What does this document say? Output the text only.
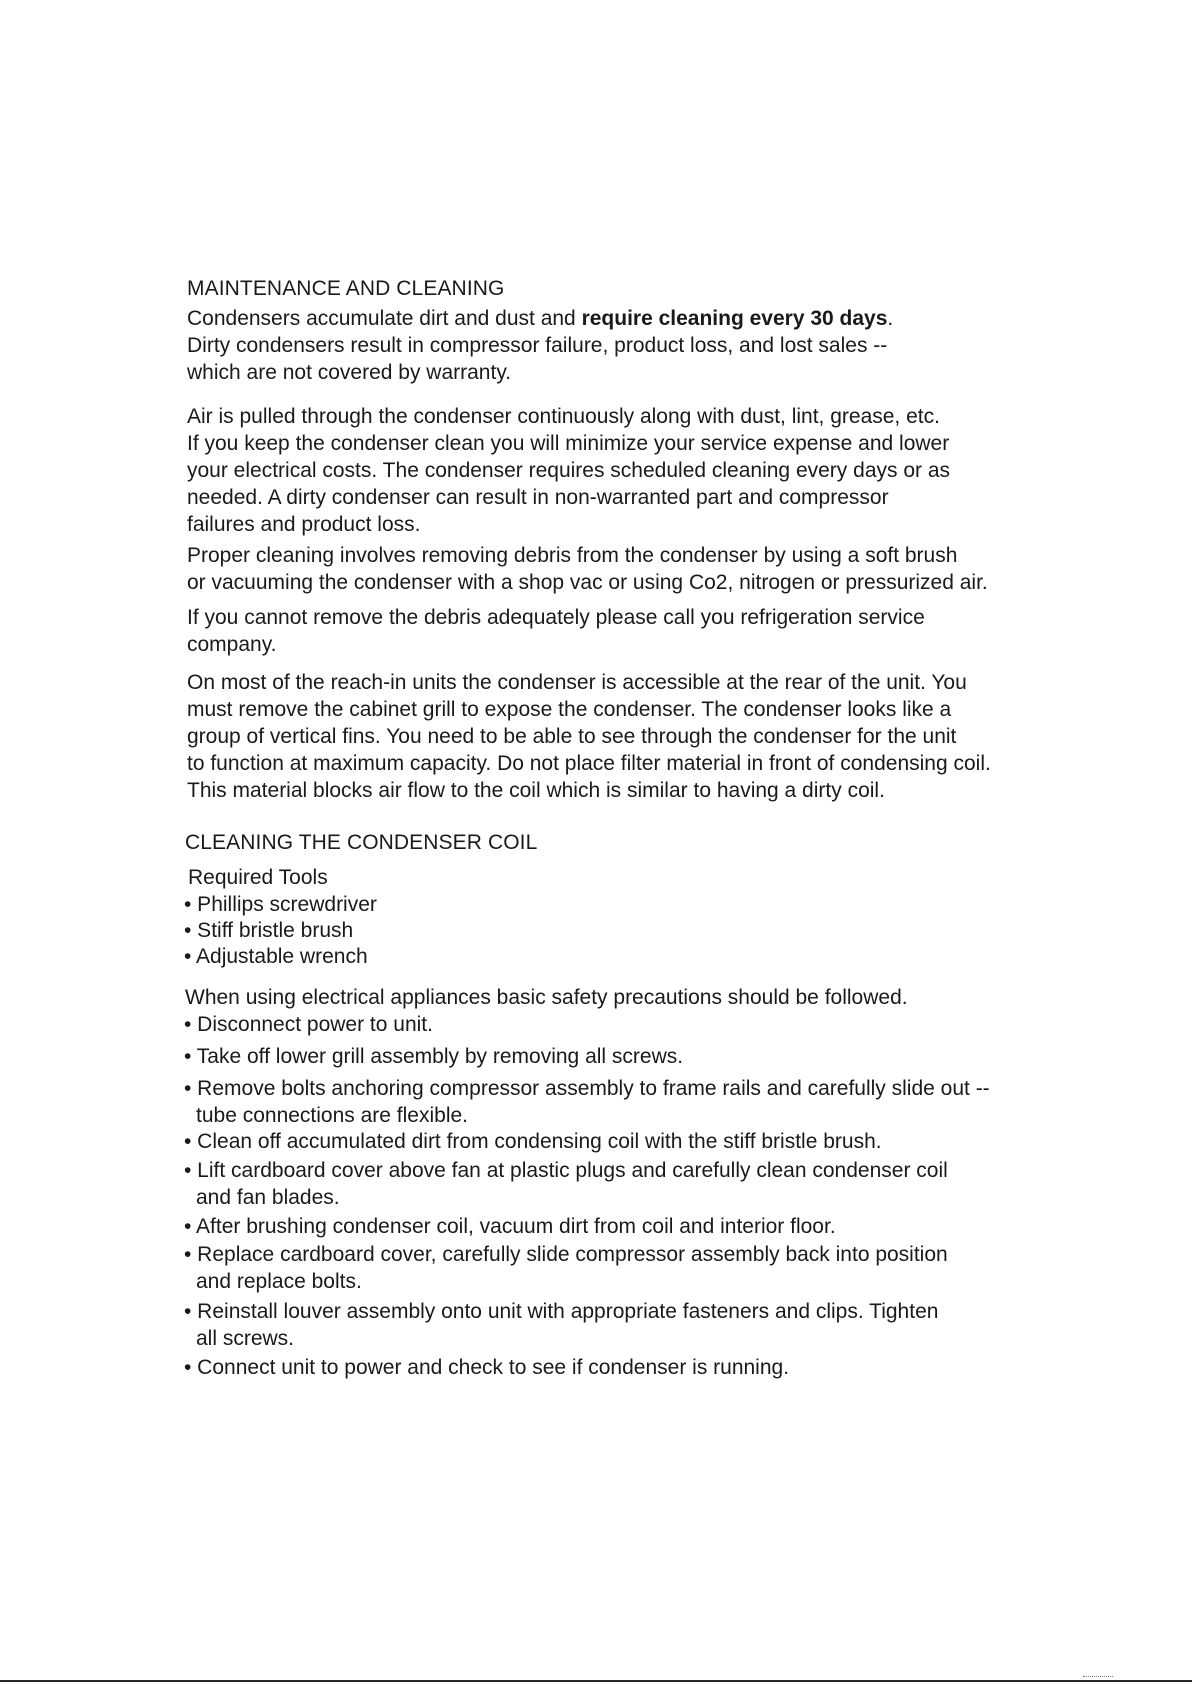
MAINTENANCE AND CLEANING
Condensers accumulate dirt and dust and require cleaning every 30 days.
Dirty condensers result in compressor failure, product loss, and lost sales --
which are not covered by warranty.
Air is pulled through the condenser continuously along with dust, lint, grease, etc.
If you keep the condenser clean you will minimize your service expense and lower
your electrical costs. The condenser requires scheduled cleaning every days or as
needed. A dirty condenser can result in non-warranted part and compressor
failures and product loss.
Proper cleaning involves removing debris from the condenser by using a soft brush
or vacuuming the condenser with a shop vac or using Co2, nitrogen or pressurized air.
If you cannot remove the debris adequately please call you refrigeration service
company.
On most of the reach-in units the condenser is accessible at the rear of the unit. You
must remove the cabinet grill to expose the condenser. The condenser looks like a
group of vertical fins. You need to be able to see through the condenser for the unit
to function at maximum capacity. Do not place filter material in front of condensing coil.
This material blocks air flow to the coil which is similar to having a dirty coil.
CLEANING THE CONDENSER COIL
Required Tools
• Phillips screwdriver
• Stiff bristle brush
• Adjustable wrench
When using electrical appliances basic safety precautions should be followed.
• Disconnect power to unit.
• Take off lower grill assembly by removing all screws.
• Remove bolts anchoring compressor assembly to frame rails and carefully slide out --
tube connections are flexible.
• Clean off accumulated dirt from condensing coil with the stiff bristle brush.
• Lift cardboard cover above fan at plastic plugs and carefully clean condenser coil
and fan blades.
• After brushing condenser coil, vacuum dirt from coil and interior floor.
• Replace cardboard cover, carefully slide compressor assembly back into position
and replace bolts.
• Reinstall louver assembly onto unit with appropriate fasteners and clips. Tighten
all screws.
• Connect unit to power and check to see if condenser is running.
